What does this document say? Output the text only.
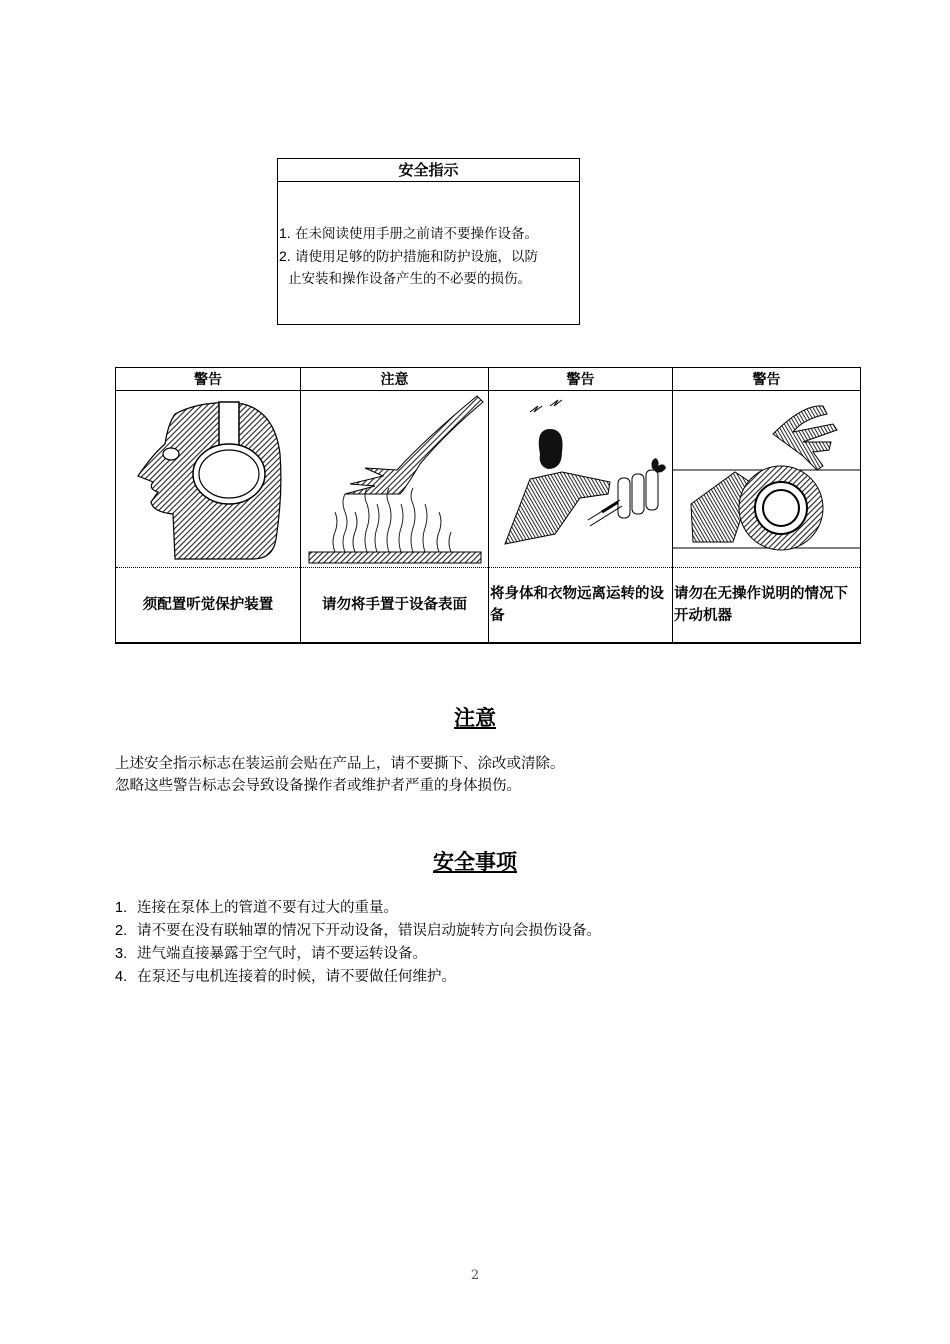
安全指示
1. 在未阅读使用手册之前请不要操作设备。
2. 请使用足够的防护措施和防护设施，以防
止安装和操作设备产生的不必要的损伤。
警告	注意	警告	警告

须配置听觉保护装置	请勿将手置于设备表面	将身体和衣物远离运转的设备	请勿在无操作说明的情况下开动机器
注意
上述安全指示标志在装运前会贴在产品上，请不要撕下、涂改或清除。
忽略这些警告标志会导致设备操作者或维护者严重的身体损伤。
安全事项
1. 连接在泵体上的管道不要有过大的重量。
2. 请不要在没有联轴罩的情况下开动设备，错误启动旋转方向会损伤设备。
3. 进气端直接暴露于空气时，请不要运转设备。
4. 在泵还与电机连接着的时候，请不要做任何维护。
2
